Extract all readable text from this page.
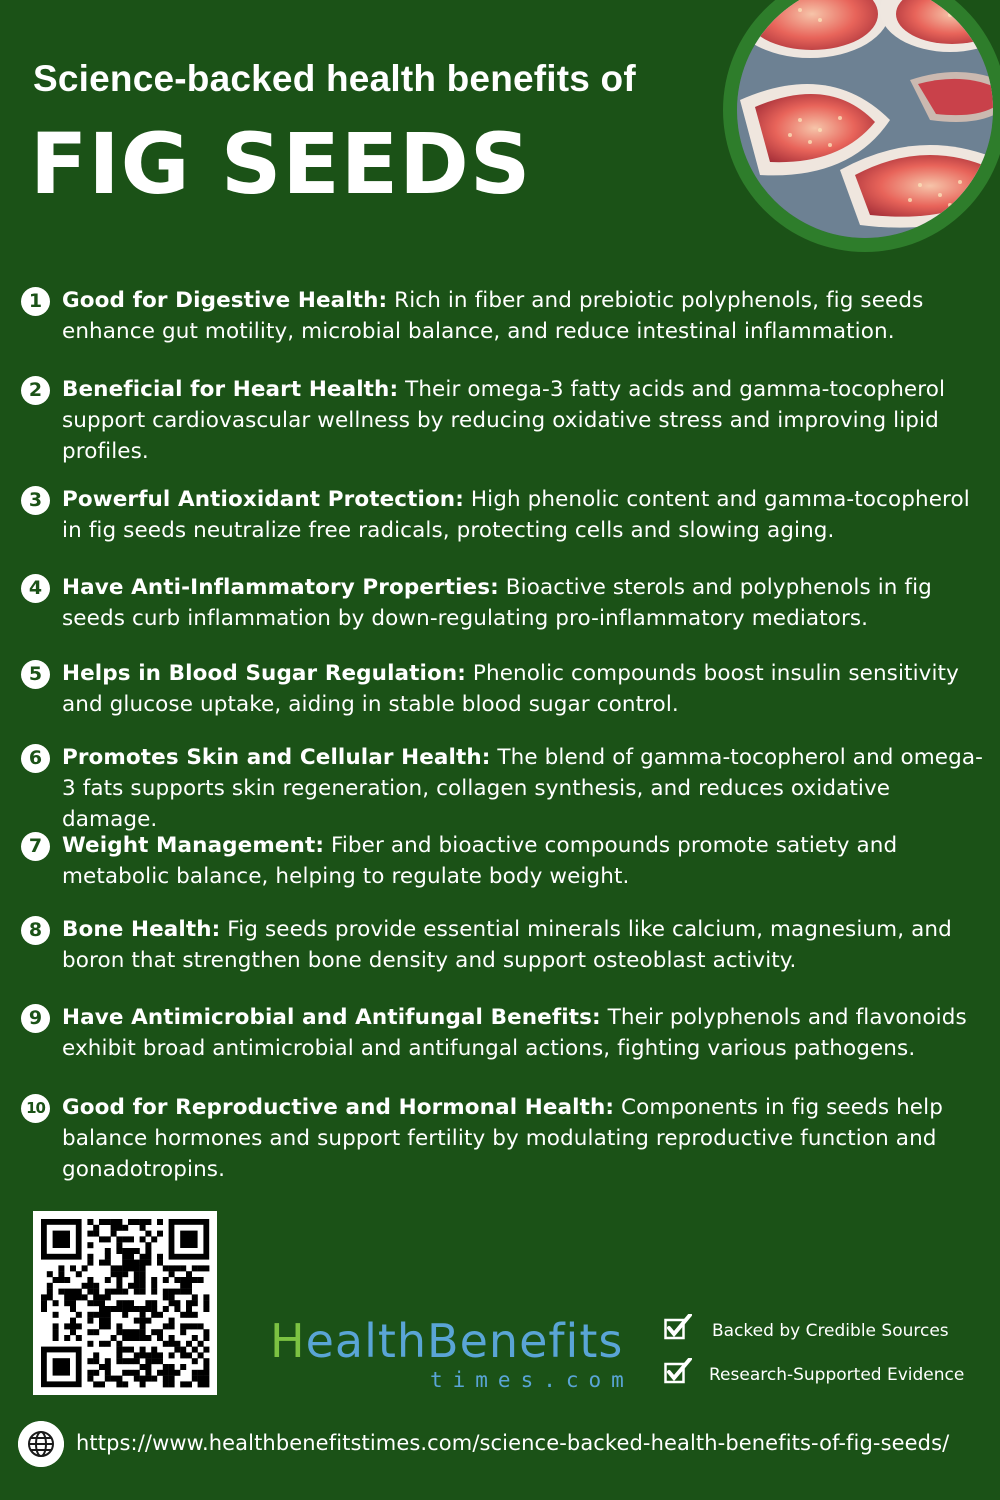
Science-backed health benefits of
FIG SEEDS
1 Good for Digestive Health: Rich in fiber and prebiotic polyphenols, fig seeds enhance gut motility, microbial balance, and reduce intestinal inflammation.
2 Beneficial for Heart Health: Their omega-3 fatty acids and gamma-tocopherol support cardiovascular wellness by reducing oxidative stress and improving lipid profiles.
3 Powerful Antioxidant Protection: High phenolic content and gamma-tocopherol in fig seeds neutralize free radicals, protecting cells and slowing aging.
4 Have Anti-Inflammatory Properties: Bioactive sterols and polyphenols in fig seeds curb inflammation by down-regulating pro-inflammatory mediators.
5 Helps in Blood Sugar Regulation: Phenolic compounds boost insulin sensitivity and glucose uptake, aiding in stable blood sugar control.
6 Promotes Skin and Cellular Health: The blend of gamma-tocopherol and omega-3 fats supports skin regeneration, collagen synthesis, and reduces oxidative damage.
7 Weight Management: Fiber and bioactive compounds promote satiety and metabolic balance, helping to regulate body weight.
8 Bone Health: Fig seeds provide essential minerals like calcium, magnesium, and boron that strengthen bone density and support osteoblast activity.
9 Have Antimicrobial and Antifungal Benefits: Their polyphenols and flavonoids exhibit broad antimicrobial and antifungal actions, fighting various pathogens.
10 Good for Reproductive and Hormonal Health: Components in fig seeds help balance hormones and support fertility by modulating reproductive function and gonadotropins.
HealthBenefits
times.com
Backed by Credible Sources
Research-Supported Evidence
https://www.healthbenefitstimes.com/science-backed-health-benefits-of-fig-seeds/
